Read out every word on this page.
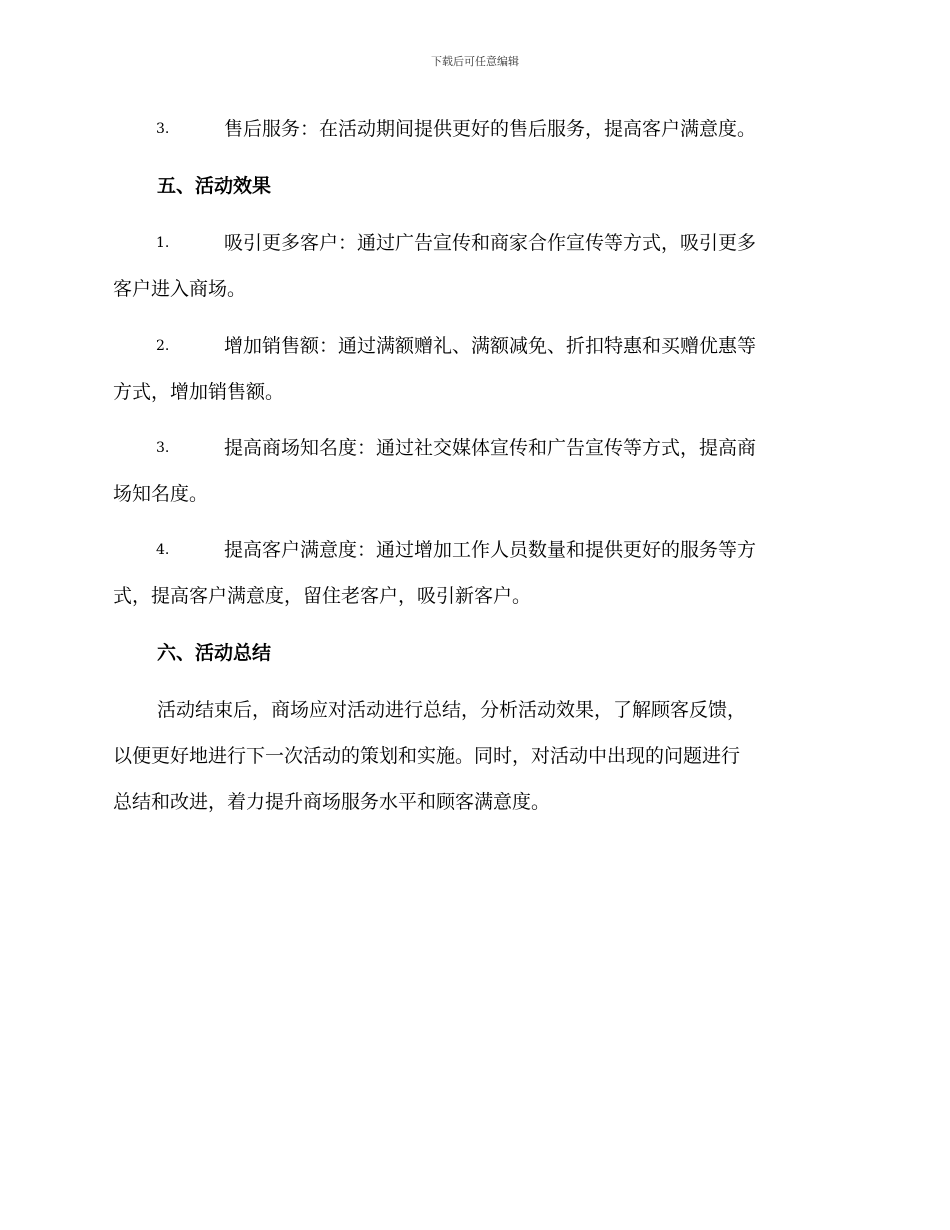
下载后可任意编辑
3.	售后服务：在活动期间提供更好的售后服务，提高客户满意度。
五、活动效果
1.	吸引更多客户：通过广告宣传和商家合作宣传等方式，吸引更多
客户进入商场。
2.	增加销售额：通过满额赠礼、满额减免、折扣特惠和买赠优惠等
方式，增加销售额。
3.	提高商场知名度：通过社交媒体宣传和广告宣传等方式，提高商
场知名度。
4.	提高客户满意度：通过增加工作人员数量和提供更好的服务等方
式，提高客户满意度，留住老客户，吸引新客户。
六、活动总结
活动结束后，商场应对活动进行总结，分析活动效果，了解顾客反馈，
以便更好地进行下一次活动的策划和实施。同时，对活动中出现的问题进行
总结和改进，着力提升商场服务水平和顾客满意度。
